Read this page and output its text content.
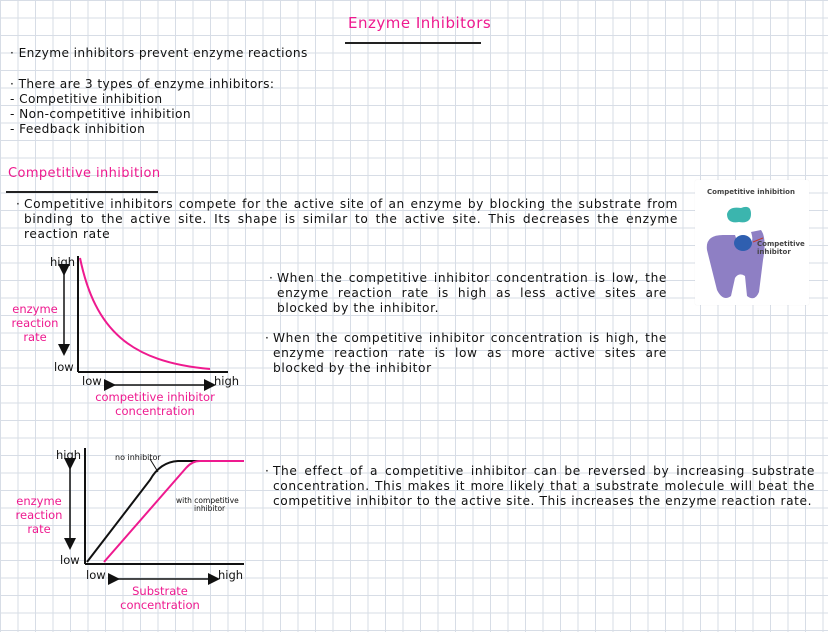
Enzyme Inhibitors
· Enzyme inhibitors prevent enzyme reactions
· There are 3 types of enzyme inhibitors:
- Competitive inhibition
- Non-competitive inhibition
- Feedback inhibition
Competitive inhibition
· Competitive inhibitors compete for the active site of an enzyme by blocking the substrate from binding to the active site. Its shape is similar to the active site. This decreases the enzyme reaction rate
Competitive inhibition
Competitive
inhibitor
high
low
enzyme
reaction
rate
low	high
competitive inhibitor
concentration
· When the competitive inhibitor concentration is low, the enzyme reaction rate is high as less active sites are blocked by the inhibitor.
· When the competitive inhibitor concentration is high, the enzyme reaction rate is low as more active sites are blocked by the inhibitor
high
low
enzyme
reaction
rate
no inhibitor
with competitive
inhibitor
low	high
Substrate
concentration
· The effect of a competitive inhibitor can be reversed by increasing substrate concentration. This makes it more likely that a substrate molecule will beat the competitive inhibitor to the active site. This increases the enzyme reaction rate.
